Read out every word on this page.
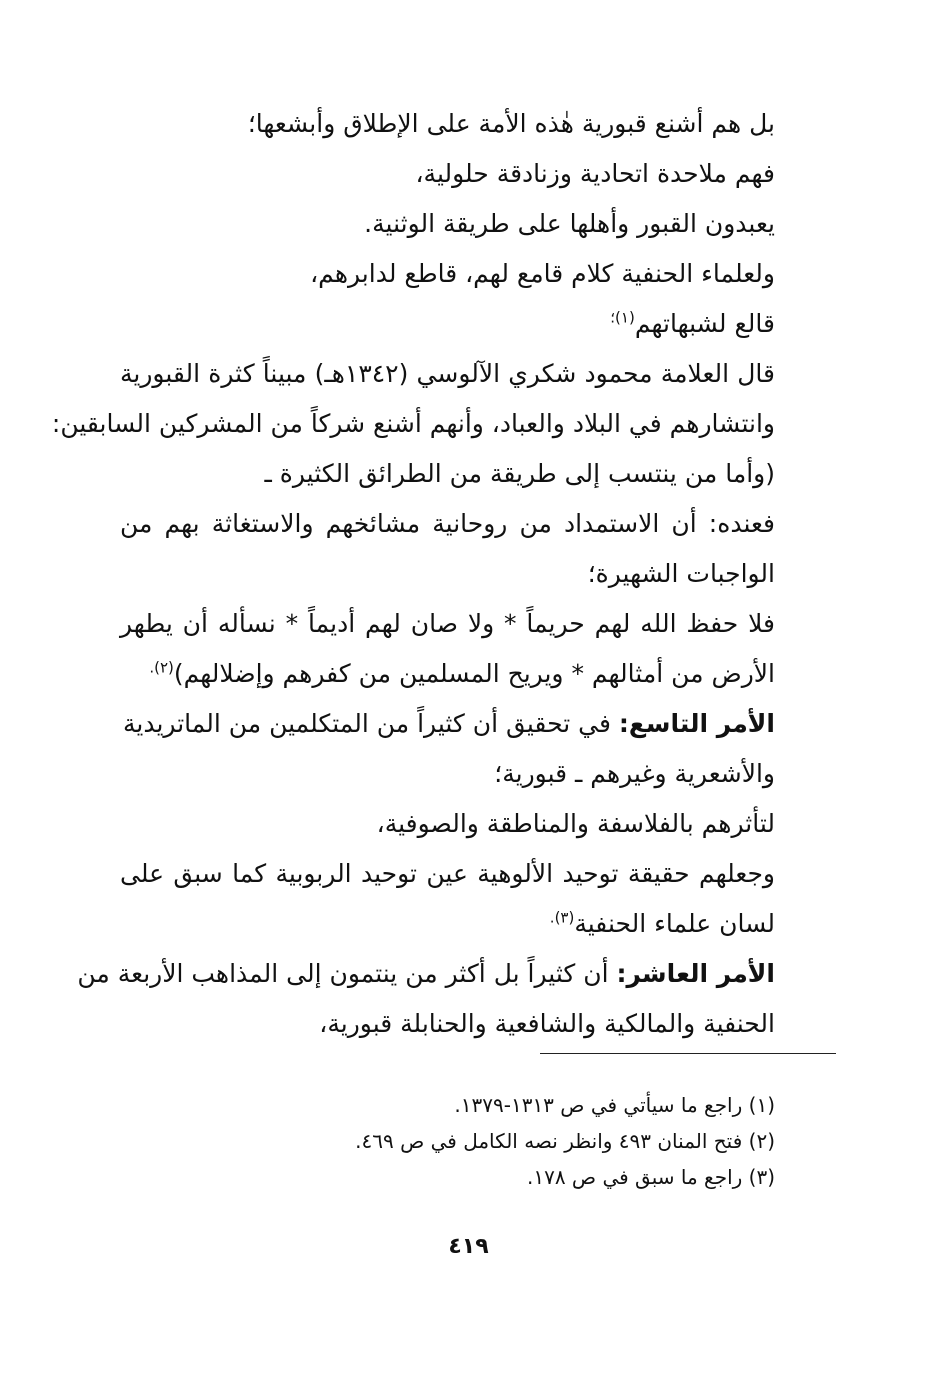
بل هم أشنع قبورية هٰذه الأمة على الإطلاق وأبشعها؛
فهم ملاحدة اتحادية وزنادقة حلولية،
يعبدون القبور وأهلها على طريقة الوثنية.
ولعلماء الحنفية كلام قامع لهم، قاطع لدابرهم،
قالع لشبهاتهم$^{(١)؛}$
قال العلامة محمود شكري الآلوسي (١٣٤٢هـ) مبيناً كثرة القبورية
وانتشارهم في البلاد والعباد، وأنهم أشنع شركاً من المشركين السابقين:
(وأما من ينتسب إلى طريقة من الطرائق الكثيرة ـ
فعنده: أن الاستمداد من روحانية مشائخهم والاستغاثة بهم من
الواجبات الشهيرة؛
فلا حفظ الله لهم حريماً * ولا صان لهم أديماً * نسأله أن يطهر
الأرض من أمثالهم * ويريح المسلمين من كفرهم وإضلالهم)$^{(٢).}$
الأمر التاسع: في تحقيق أن كثيراً من المتكلمين من الماتريدية
والأشعرية وغيرهم ـ قبورية؛
لتأثرهم بالفلاسفة والمناطقة والصوفية،
وجعلهم حقيقة توحيد الألوهية عين توحيد الربوبية كما سبق على
لسان علماء الحنفية$^{(٣).}$
الأمر العاشر: أن كثيراً بل أكثر من ينتمون إلى المذاهب الأربعة من
الحنفية والمالكية والشافعية والحنابلة قبورية،
(١) راجع ما سيأتي في ص ١٣١٣-١٣٧٩.
(٢) فتح المنان ٤٩٣ وانظر نصه الكامل في ص ٤٦٩.
(٣) راجع ما سبق في ص ١٧٨.
٤١٩
